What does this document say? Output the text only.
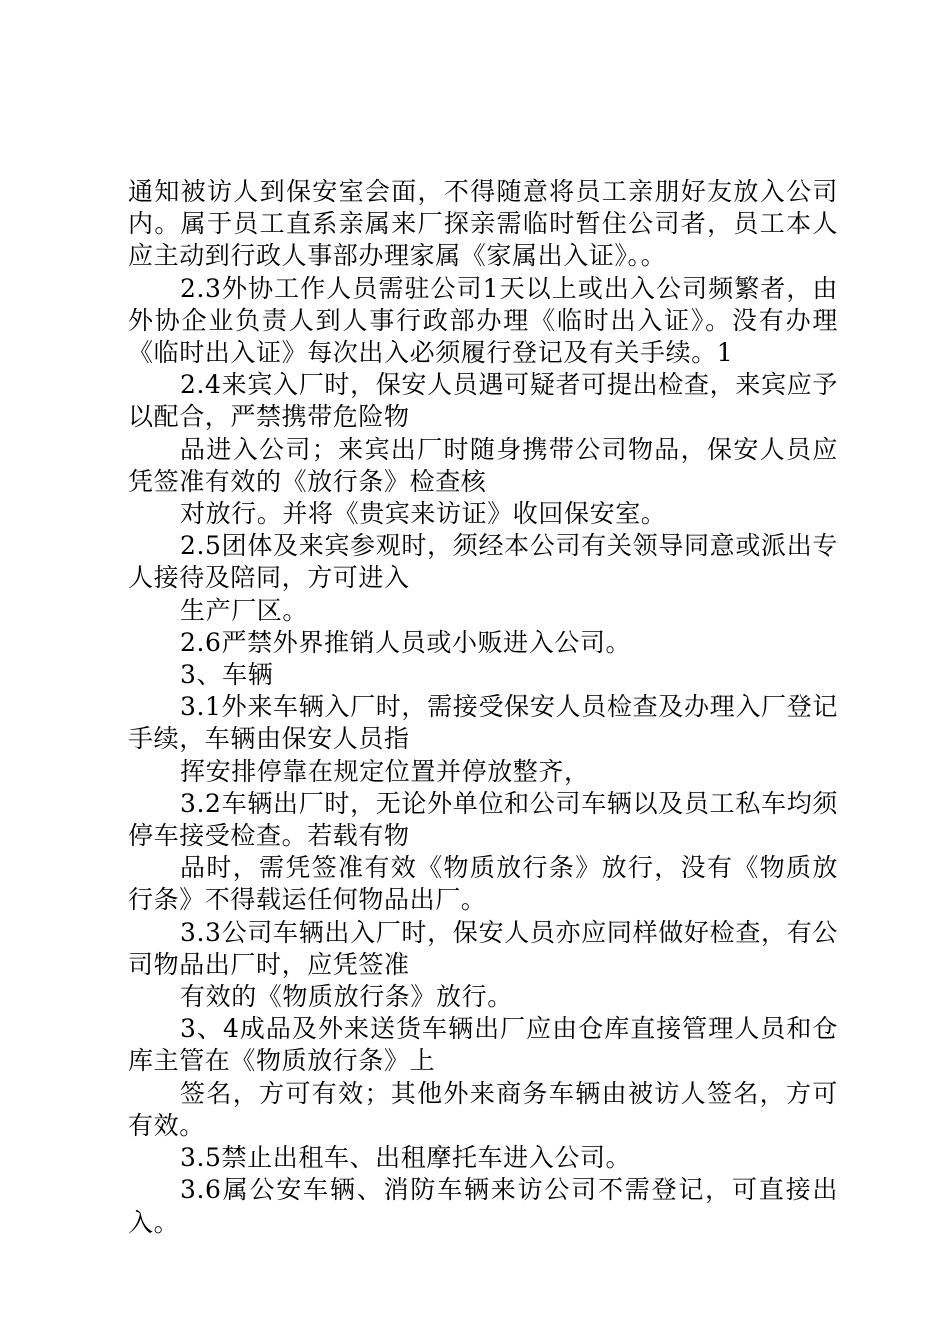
通知被访人到保安室会面，不得随意将员工亲朋好友放入公司内。属于员工直系亲属来厂探亲需临时暂住公司者，员工本人应主动到行政人事部办理家属《家属出入证》。。

2.3外协工作人员需驻公司1天以上或出入公司频繁者，由外协企业负责人到人事行政部办理《临时出入证》。没有办理《临时出入证》每次出入必须履行登记及有关手续。1

2.4来宾入厂时，保安人员遇可疑者可提出检查，来宾应予以配合，严禁携带危险物

品进入公司；来宾出厂时随身携带公司物品，保安人员应凭签准有效的《放行条》检查核

对放行。并将《贵宾来访证》收回保安室。

2.5团体及来宾参观时，须经本公司有关领导同意或派出专人接待及陪同，方可进入

生产厂区。

2.6严禁外界推销人员或小贩进入公司。

3、车辆

3.1外来车辆入厂时，需接受保安人员检查及办理入厂登记手续，车辆由保安人员指

挥安排停靠在规定位置并停放整齐，

3.2车辆出厂时，无论外单位和公司车辆以及员工私车均须停车接受检查。若载有物

品时，需凭签准有效《物质放行条》放行，没有《物质放行条》不得载运任何物品出厂。

3.3公司车辆出入厂时，保安人员亦应同样做好检查，有公司物品出厂时，应凭签准

有效的《物质放行条》放行。

3、4成品及外来送货车辆出厂应由仓库直接管理人员和仓库主管在《物质放行条》上

签名，方可有效；其他外来商务车辆由被访人签名，方可有效。

3.5禁止出租车、出租摩托车进入公司。

3.6属公安车辆、消防车辆来访公司不需登记，可直接出入。
